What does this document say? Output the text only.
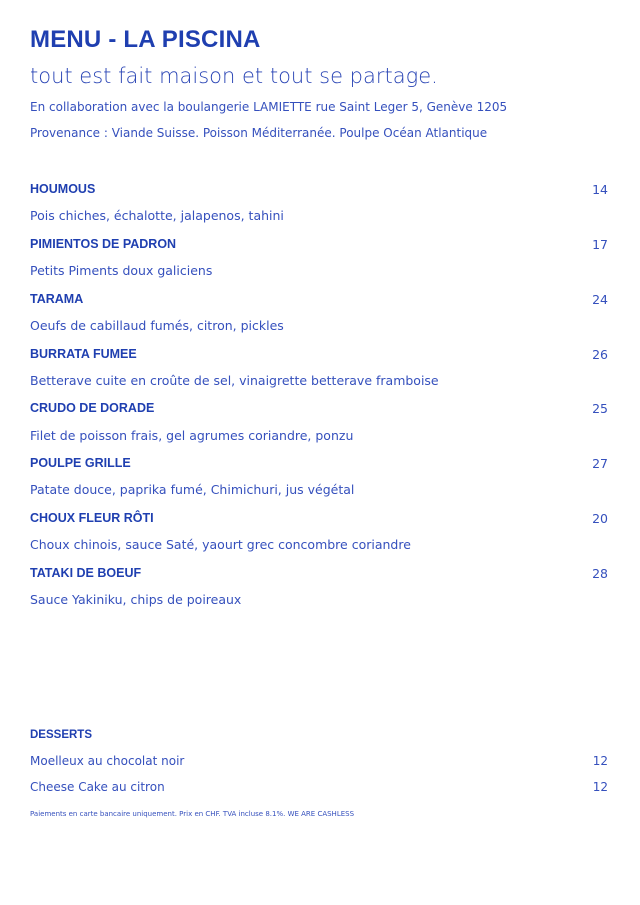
MENU - LA PISCINA
tout est fait maison et tout se partage.
En collaboration avec la boulangerie LAMIETTE rue Saint Leger 5, Genève 1205
Provenance : Viande Suisse. Poisson Méditerranée. Poulpe Océan Atlantique
HOUMOUS	14
Pois chiches, échalotte, jalapenos, tahini
PIMIENTOS DE PADRON	17
Petits Piments doux galiciens
TARAMA	24
Oeufs de cabillaud fumés, citron, pickles
BURRATA FUMEE	26
Betterave cuite en croûte de sel, vinaigrette betterave framboise
CRUDO DE DORADE	25
Filet de poisson frais, gel agrumes coriandre, ponzu
POULPE GRILLE	27
Patate douce, paprika fumé, Chimichuri, jus végétal
CHOUX FLEUR RÔTI	20
Choux chinois, sauce Saté, yaourt grec concombre coriandre
TATAKI DE BOEUF	28
Sauce Yakiniku, chips de poireaux
DESSERTS
Moelleux au chocolat noir	12
Cheese Cake au citron	12
Paiements en carte bancaire uniquement. Prix en CHF. TVA incluse 8.1%. WE ARE CASHLESS
